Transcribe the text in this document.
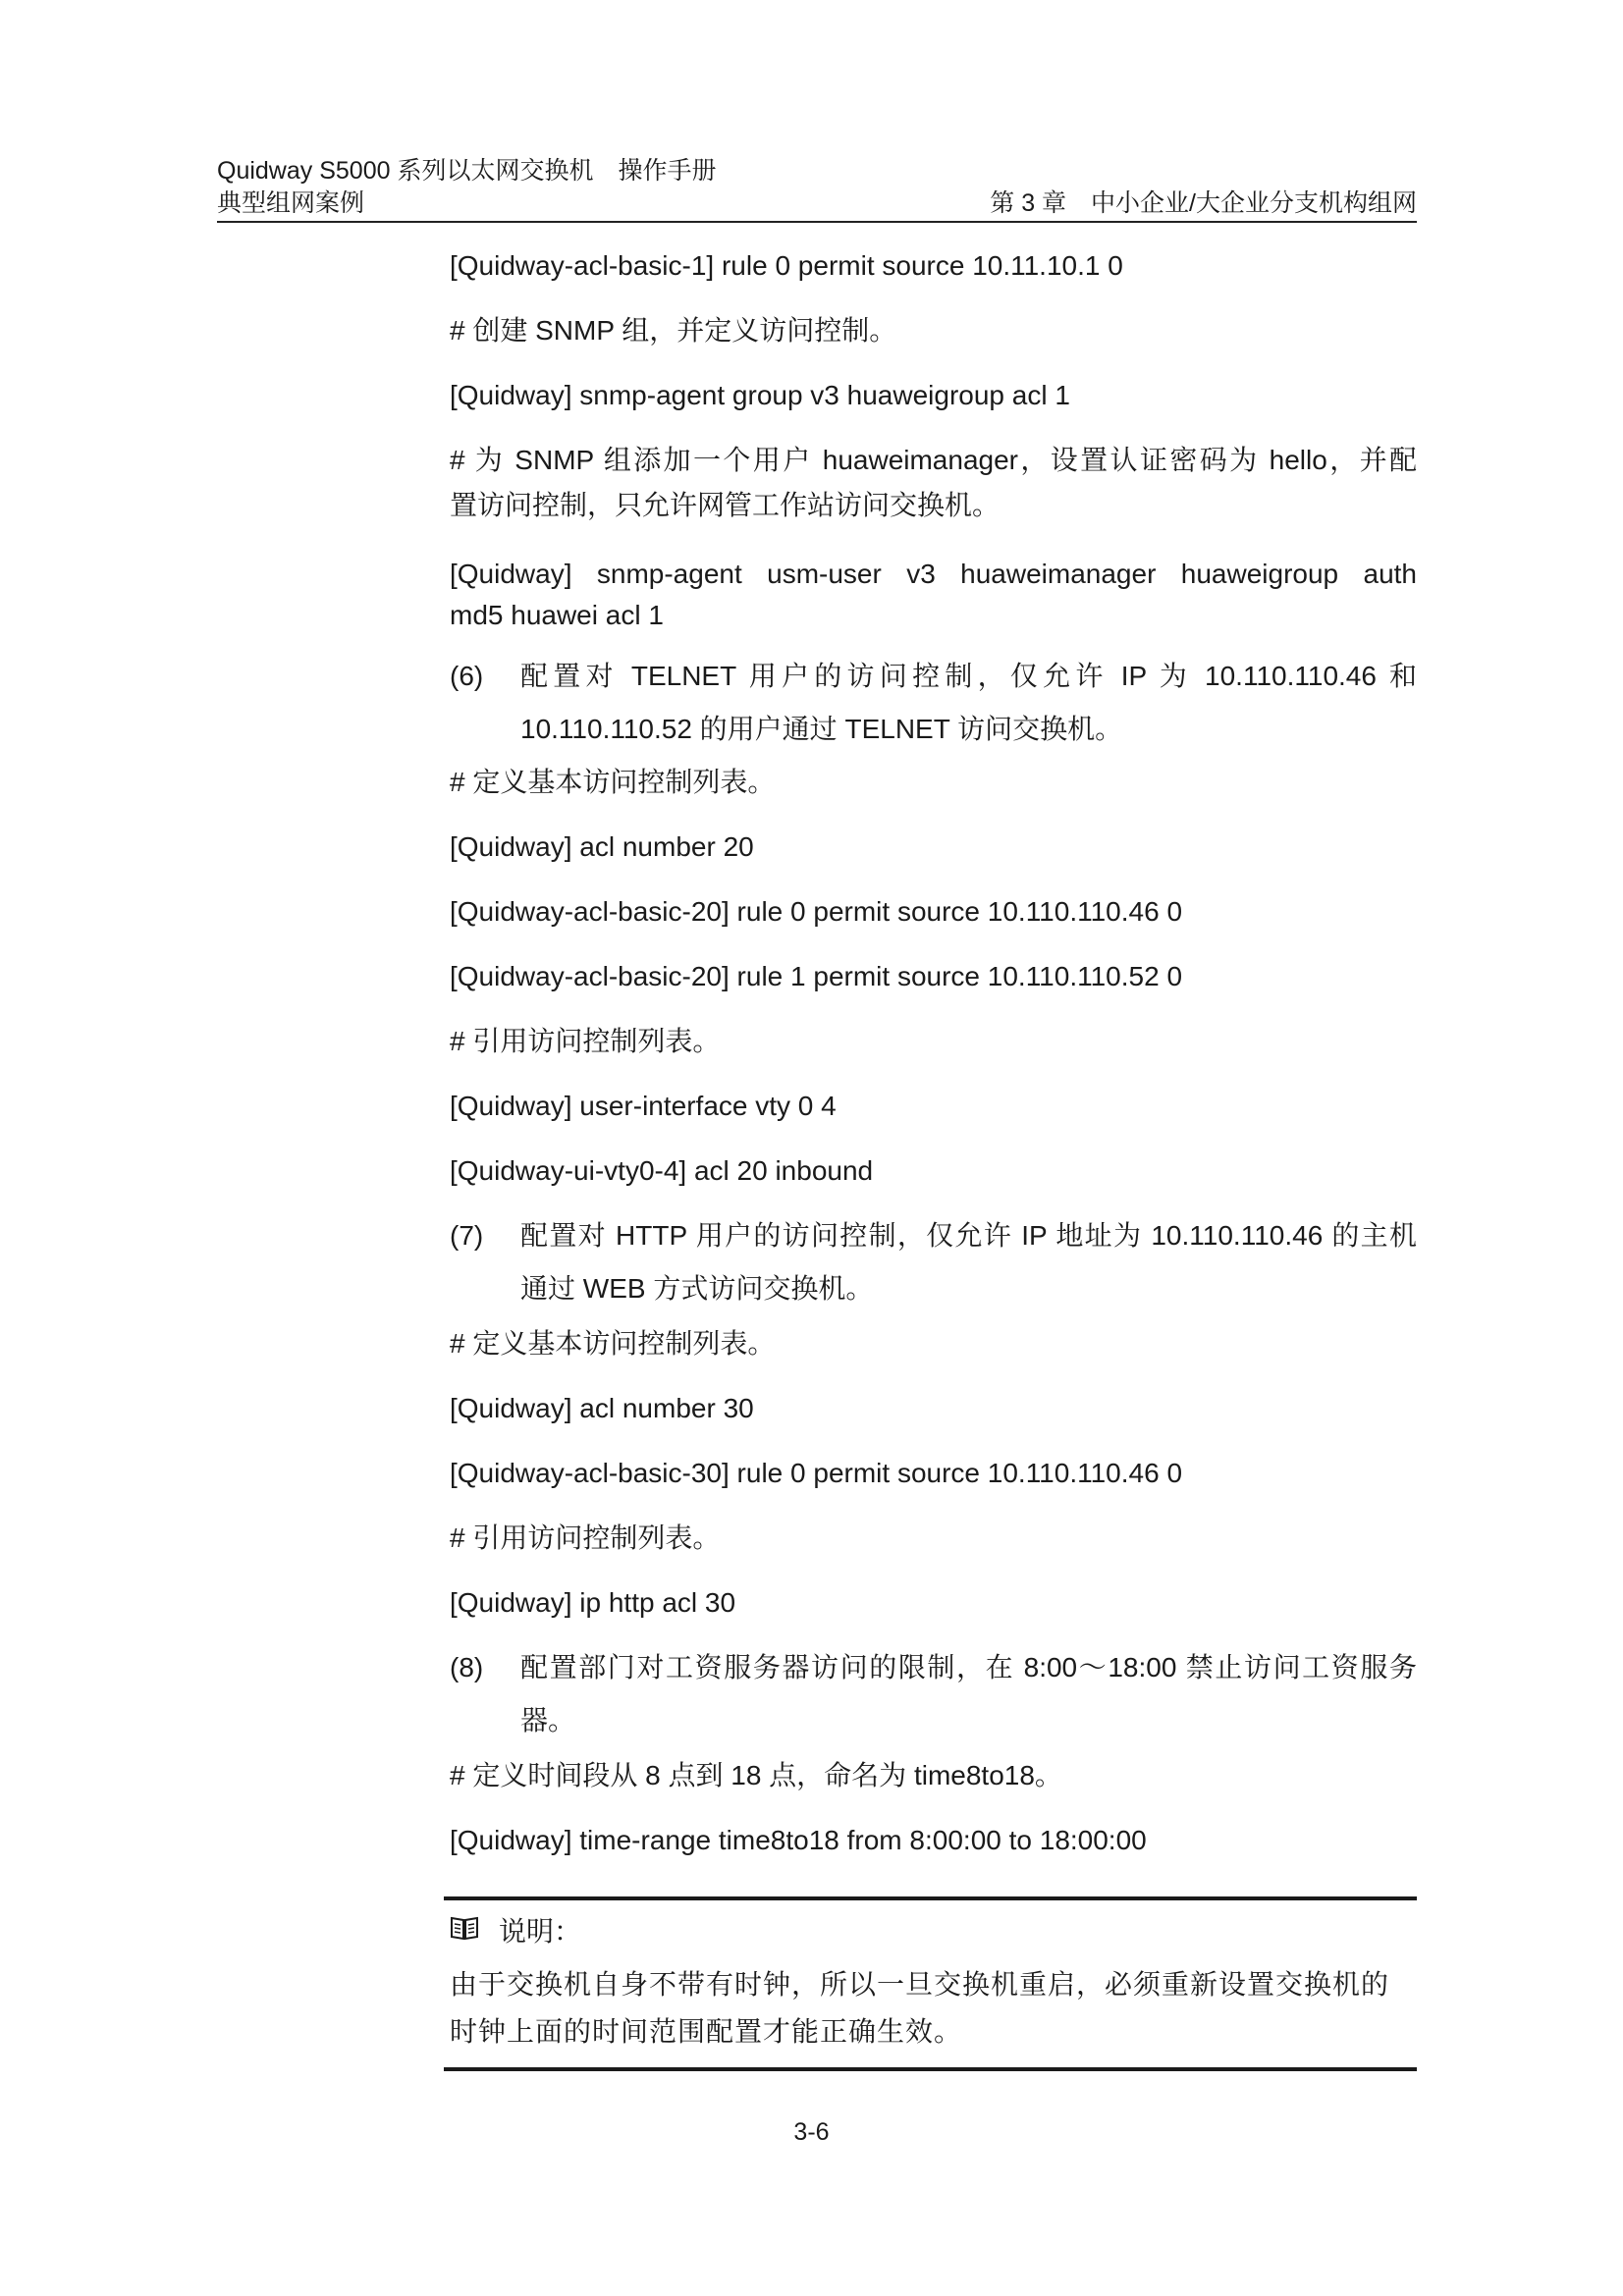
Quidway S5000 系列以太网交换机　操作手册
典型组网案例	第 3 章　中小企业/大企业分支机构组网
[Quidway-acl-basic-1] rule 0 permit source 10.11.10.1 0
# 创建 SNMP 组，并定义访问控制。
[Quidway] snmp-agent group v3 huaweigroup acl 1
# 为 SNMP 组添加一个用户 huaweimanager，设置认证密码为 hello，并配
置访问控制，只允许网管工作站访问交换机。
[Quidway] snmp-agent usm-user v3 huaweimanager huaweigroup auth
md5 huawei acl 1
(6) 配置对 TELNET 用户的访问控制，仅允许 IP 为 10.110.110.46 和
10.110.110.52 的用户通过 TELNET 访问交换机。
# 定义基本访问控制列表。
[Quidway] acl number 20
[Quidway-acl-basic-20] rule 0 permit source 10.110.110.46 0
[Quidway-acl-basic-20] rule 1 permit source 10.110.110.52 0
# 引用访问控制列表。
[Quidway] user-interface vty 0 4
[Quidway-ui-vty0-4] acl 20 inbound
(7) 配置对 HTTP 用户的访问控制，仅允许 IP 地址为 10.110.110.46 的主机
通过 WEB 方式访问交换机。
# 定义基本访问控制列表。
[Quidway] acl number 30
[Quidway-acl-basic-30] rule 0 permit source 10.110.110.46 0
# 引用访问控制列表。
[Quidway] ip http acl 30
(8) 配置部门对工资服务器访问的限制，在 8:00～18:00 禁止访问工资服务
器。
# 定义时间段从 8 点到 18 点，命名为 time8to18。
[Quidway] time-range time8to18 from 8:00:00 to 18:00:00
说明：
由于交换机自身不带有时钟，所以一旦交换机重启，必须重新设置交换机的
时钟上面的时间范围配置才能正确生效。
3-6
